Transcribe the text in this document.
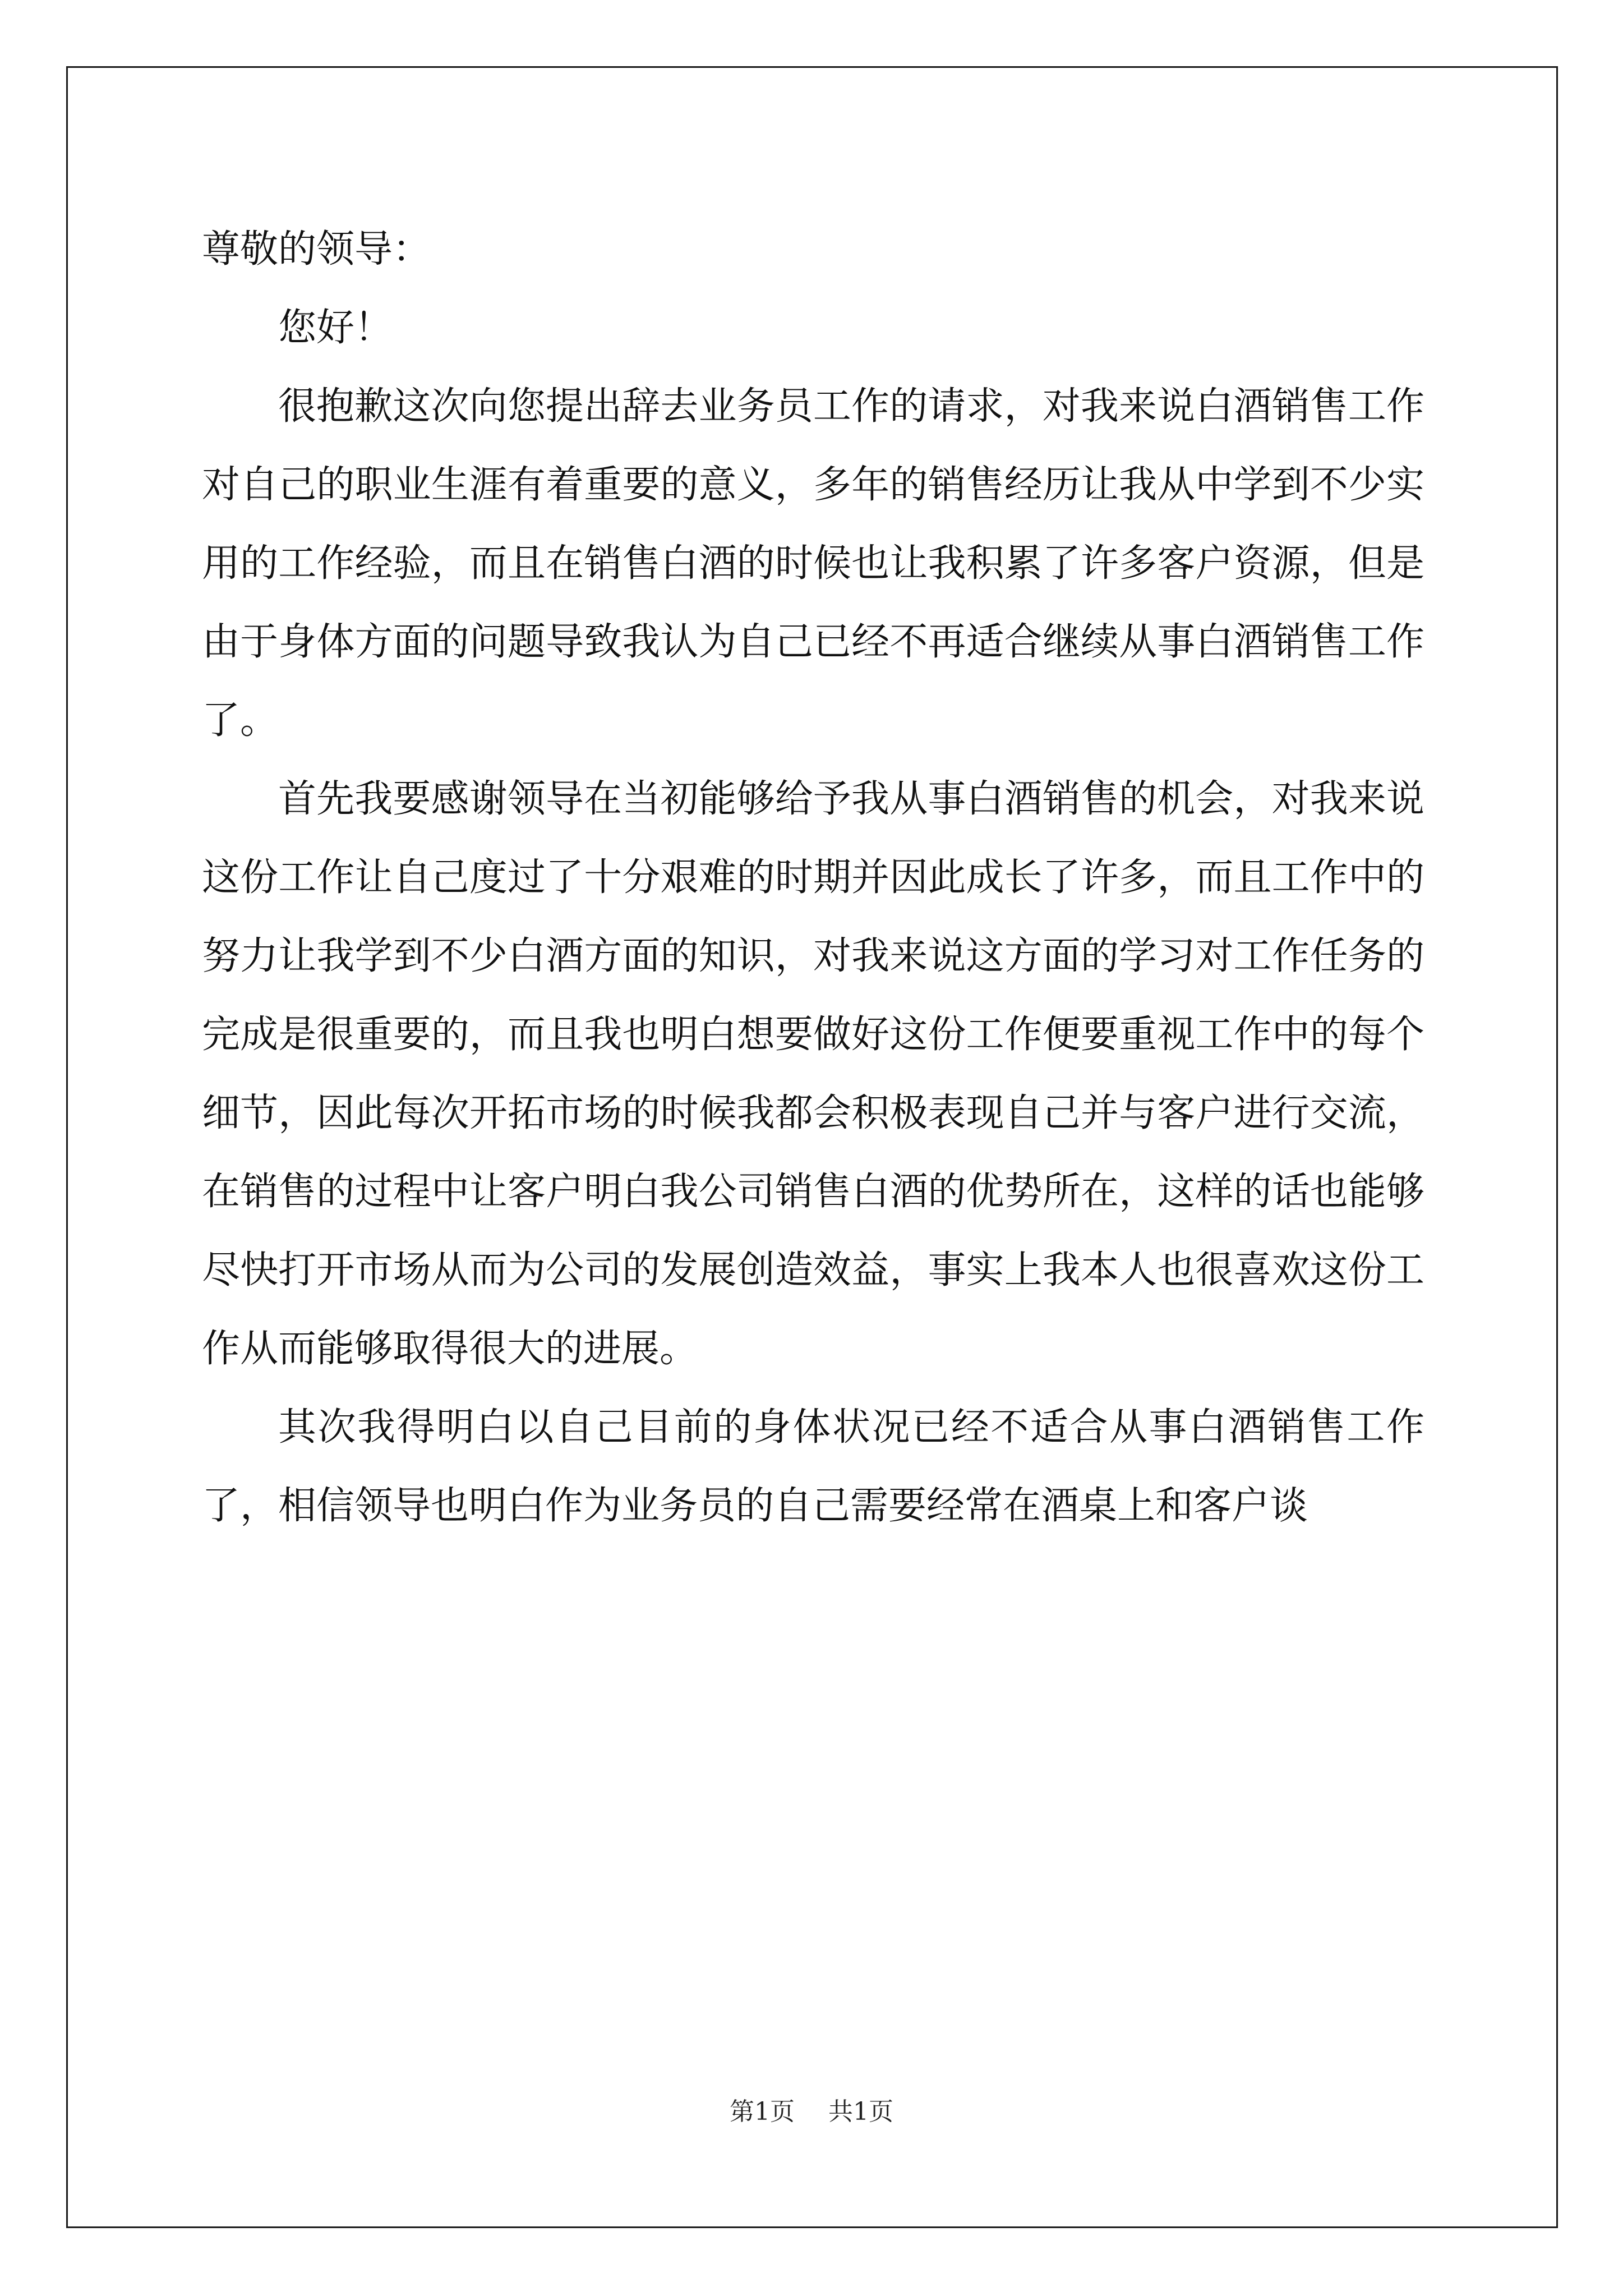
尊敬的领导：

您好！

很抱歉这次向您提出辞去业务员工作的请求，对我来说白酒销售工作对自己的职业生涯有着重要的意义，多年的销售经历让我从中学到不少实用的工作经验，而且在销售白酒的时候也让我积累了许多客户资源，但是由于身体方面的问题导致我认为自己已经不再适合继续从事白酒销售工作了。

首先我要感谢领导在当初能够给予我从事白酒销售的机会，对我来说这份工作让自己度过了十分艰难的时期并因此成长了许多，而且工作中的努力让我学到不少白酒方面的知识，对我来说这方面的学习对工作任务的完成是很重要的，而且我也明白想要做好这份工作便要重视工作中的每个细节，因此每次开拓市场的时候我都会积极表现自己并与客户进行交流，在销售的过程中让客户明白我公司销售白酒的优势所在，这样的话也能够尽快打开市场从而为公司的发展创造效益，事实上我本人也很喜欢这份工作从而能够取得很大的进展。

其次我得明白以自己目前的身体状况已经不适合从事白酒销售工作了，相信领导也明白作为业务员的自己需要经常在酒桌上和客户谈

第1页 共1页
